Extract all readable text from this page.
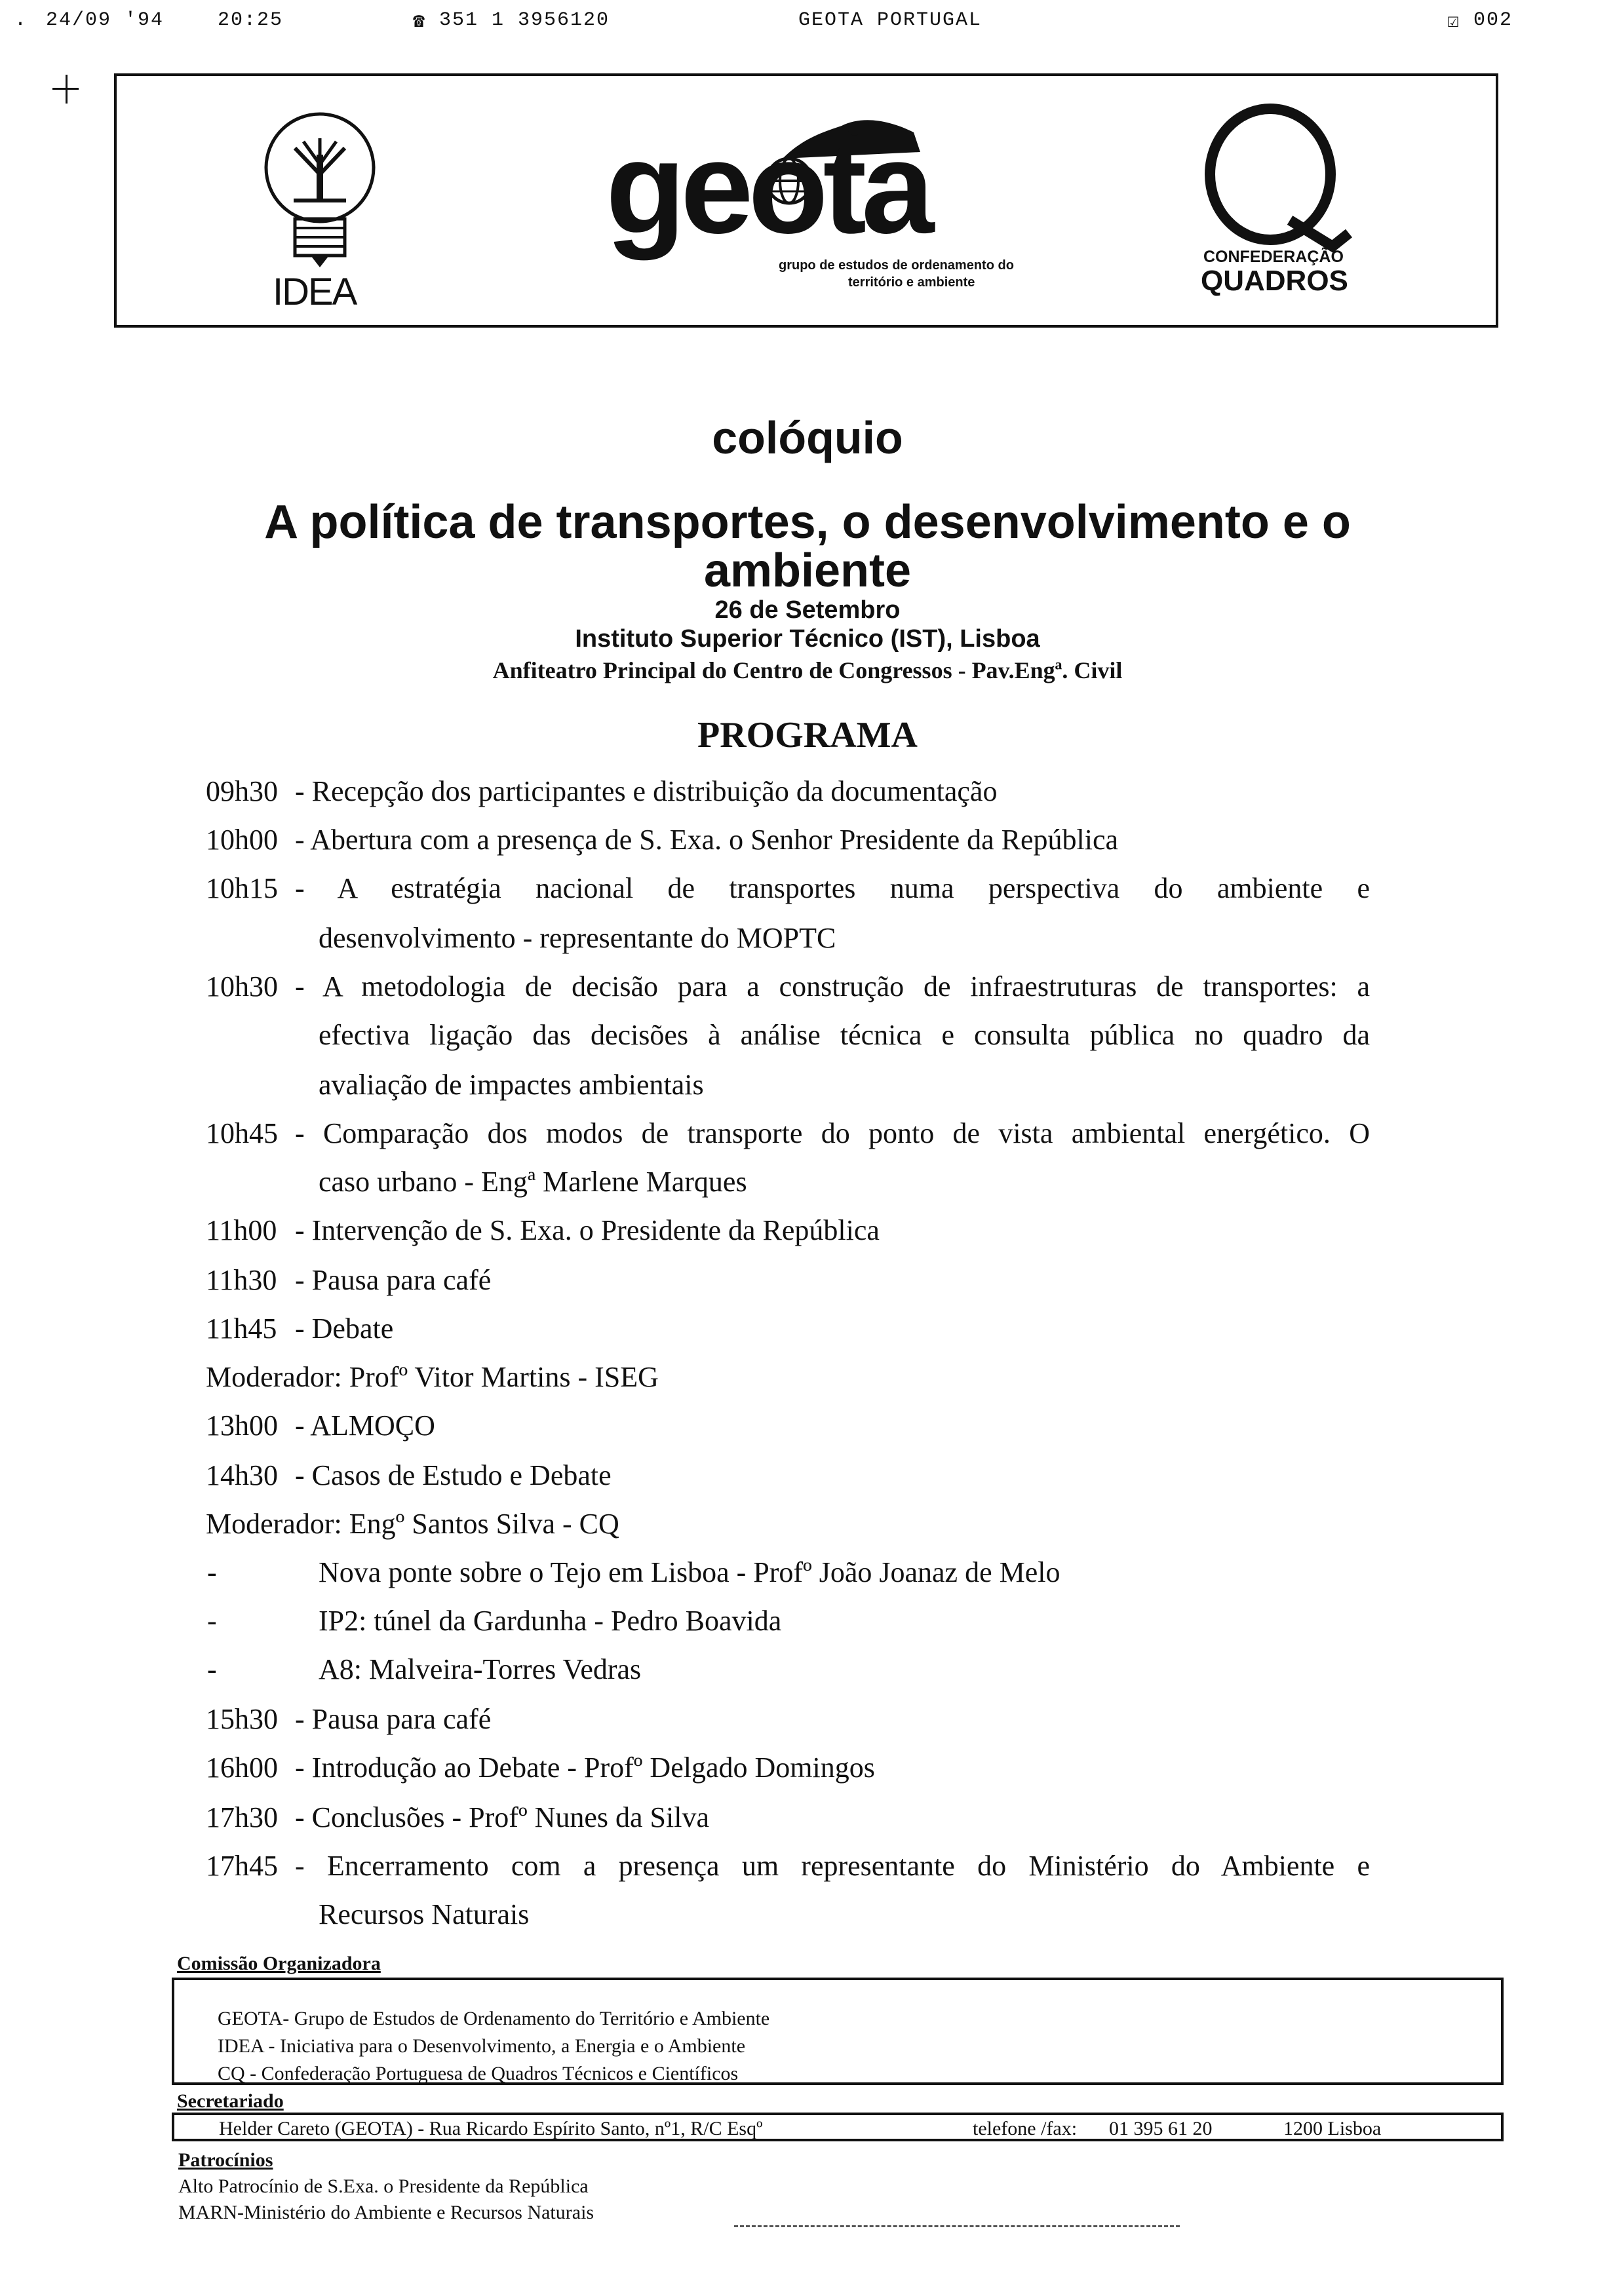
. 24/09 '94	20:25	☎ 351 1 3956120	GEOTA PORTUGAL	☑ 002
IDEA
geota
grupo de estudos de ordenamento do
território e ambiente
CONFEDERAÇÃO
QUADROS
colóquio
A política de transportes, o desenvolvimento e o
ambiente
26 de Setembro
Instituto Superior Técnico (IST), Lisboa
Anfiteatro Principal do Centro de Congressos - Pav.Engª. Civil
PROGRAMA
09h30 - Recepção dos participantes e distribuição da documentação
10h00 - Abertura com a presença de S. Exa. o Senhor Presidente da República
10h15 - A estratégia nacional de transportes numa perspectiva do ambiente e
desenvolvimento - representante do MOPTC
10h30 - A metodologia de decisão para a construção de infraestruturas de transportes: a
efectiva ligação das decisões à análise técnica e consulta pública no quadro da
avaliação de impactes ambientais
10h45 - Comparação dos modos de transporte do ponto de vista ambiental energético. O
caso urbano - Engª Marlene Marques
11h00 - Intervenção de S. Exa. o Presidente da República
11h30 - Pausa para café
11h45 - Debate
Moderador: Profº Vitor Martins - ISEG
13h00 - ALMOÇO
14h30 - Casos de Estudo e Debate
Moderador: Engº Santos Silva - CQ
-	Nova ponte sobre o Tejo em Lisboa - Profº João Joanaz de Melo
-	IP2: túnel da Gardunha - Pedro Boavida
-	A8: Malveira-Torres Vedras
15h30 - Pausa para café
16h00 - Introdução ao Debate - Profº Delgado Domingos
17h30 - Conclusões - Profº Nunes da Silva
17h45 - Encerramento com a presença um representante do Ministério do Ambiente e
Recursos Naturais
Comissão Organizadora
GEOTA- Grupo de Estudos de Ordenamento do Território e Ambiente
IDEA - Iniciativa para o Desenvolvimento, a Energia e o Ambiente
CQ - Confederação Portuguesa de Quadros Técnicos e Científicos
Secretariado
Helder Careto (GEOTA) - Rua Ricardo Espírito Santo, nº1, R/C Esqº	telefone /fax: 01 395 61 20	1200 Lisboa
Patrocínios
Alto Patrocínio de S.Exa. o Presidente da República
MARN-Ministério do Ambiente e Recursos Naturais
